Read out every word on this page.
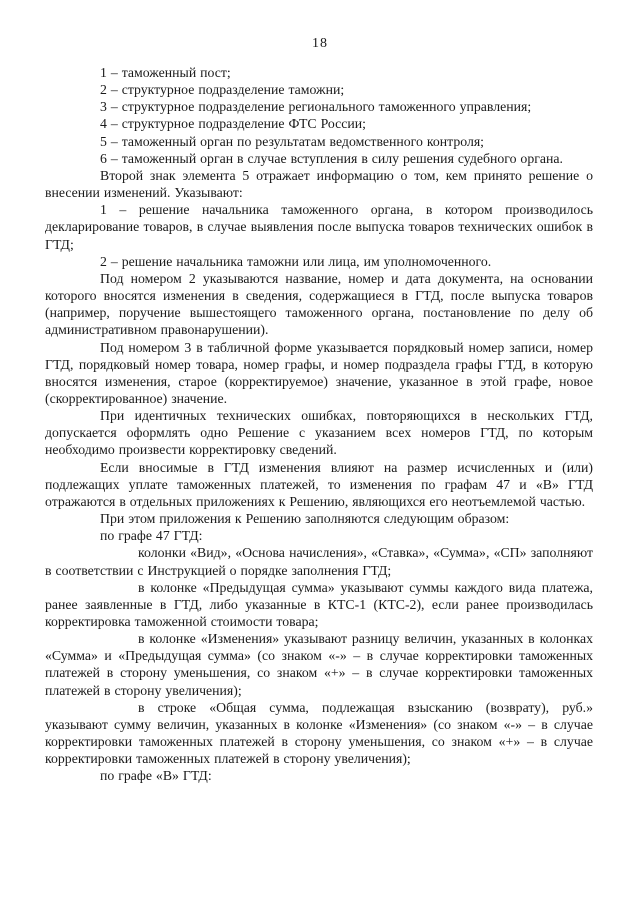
18

1 – таможенный пост;

2 – структурное подразделение таможни;

3 – структурное подразделение регионального таможенного управления;

4 – структурное подразделение ФТС России;

5 – таможенный орган по результатам ведомственного контроля;

6 – таможенный орган в случае вступления в силу решения судебного органа.

Второй знак элемента 5 отражает информацию о том, кем принято решение о внесении изменений. Указывают:

1 – решение начальника таможенного органа, в котором производилось декларирование товаров, в случае выявления после выпуска товаров технических ошибок в ГТД;

2 – решение начальника таможни или лица, им уполномоченного.

Под номером 2 указываются название, номер и дата документа, на основании которого вносятся изменения в сведения, содержащиеся в ГТД, после выпуска товаров (например, поручение вышестоящего таможенного органа, постановление по делу об административном правонарушении).

Под номером 3 в табличной форме указывается порядковый номер записи, номер ГТД, порядковый номер товара, номер графы, и номер подраздела графы ГТД, в которую вносятся изменения, старое (корректируемое) значение, указанное в этой графе, новое (скорректированное) значение.

При идентичных технических ошибках, повторяющихся в нескольких ГТД, допускается оформлять одно Решение с указанием всех номеров ГТД, по которым необходимо произвести корректировку сведений.

Если вносимые в ГТД изменения влияют на размер исчисленных и (или) подлежащих уплате таможенных платежей, то изменения по графам 47 и «В» ГТД отражаются в отдельных приложениях к Решению, являющихся его неотъемлемой частью.

При этом приложения к Решению заполняются следующим образом:

по графе 47 ГТД:

колонки «Вид», «Основа начисления», «Ставка», «Сумма», «СП» заполняют в соответствии с Инструкцией о порядке заполнения ГТД;

в колонке «Предыдущая сумма» указывают суммы каждого вида платежа, ранее заявленные в ГТД, либо указанные в КТС-1 (КТС-2), если ранее производилась корректировка таможенной стоимости товара;

в колонке «Изменения» указывают разницу величин, указанных в колонках «Сумма» и «Предыдущая сумма» (со знаком «-» – в случае корректировки таможенных платежей в сторону уменьшения, со знаком «+» – в случае корректировки таможенных платежей в сторону увеличения);

в строке «Общая сумма, подлежащая взысканию (возврату), руб.» указывают сумму величин, указанных в колонке «Изменения» (со знаком «-» – в случае корректировки таможенных платежей в сторону уменьшения, со знаком «+» – в случае корректировки таможенных платежей в сторону увеличения);

по графе «В» ГТД:
